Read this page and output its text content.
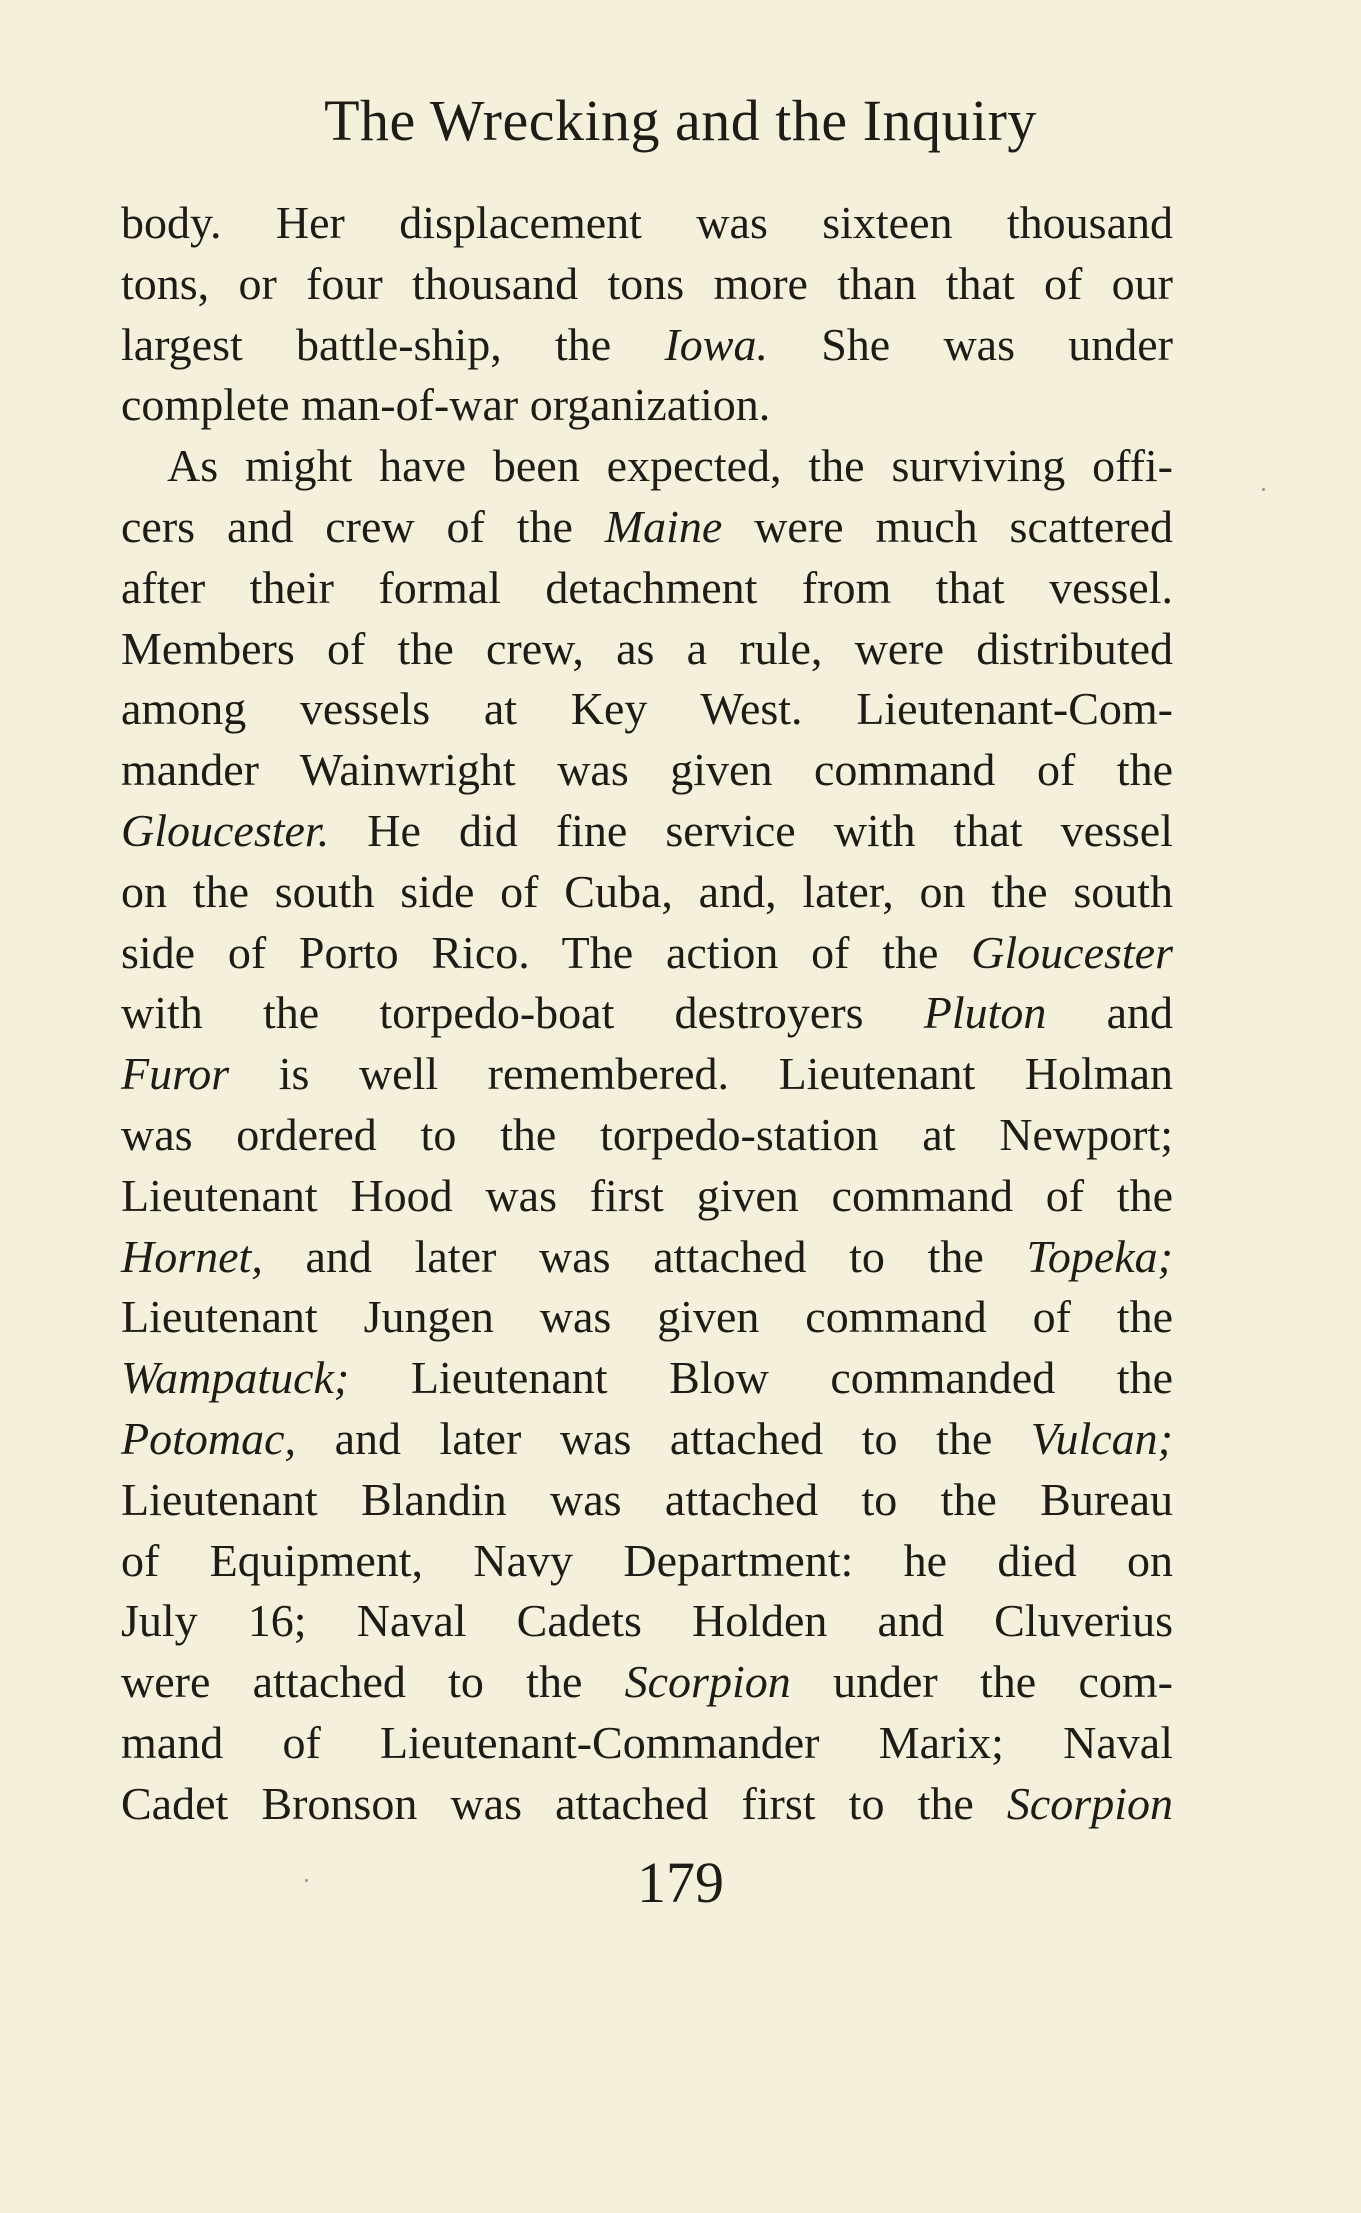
The Wrecking and the Inquiry
body. Her displacement was sixteen thousand
tons, or four thousand tons more than that of our
largest battle-ship, the Iowa. She was under
complete man-of-war organization.
As might have been expected, the surviving offi-
cers and crew of the Maine were much scattered
after their formal detachment from that vessel.
Members of the crew, as a rule, were distributed
among vessels at Key West. Lieutenant-Com-
mander Wainwright was given command of the
Gloucester. He did fine service with that vessel
on the south side of Cuba, and, later, on the south
side of Porto Rico. The action of the Gloucester
with the torpedo-boat destroyers Pluton and
Furor is well remembered. Lieutenant Holman
was ordered to the torpedo-station at Newport;
Lieutenant Hood was first given command of the
Hornet, and later was attached to the Topeka;
Lieutenant Jungen was given command of the
Wampatuck; Lieutenant Blow commanded the
Potomac, and later was attached to the Vulcan;
Lieutenant Blandin was attached to the Bureau
of Equipment, Navy Department: he died on
July 16; Naval Cadets Holden and Cluverius
were attached to the Scorpion under the com-
mand of Lieutenant-Commander Marix; Naval
Cadet Bronson was attached first to the Scorpion
179
